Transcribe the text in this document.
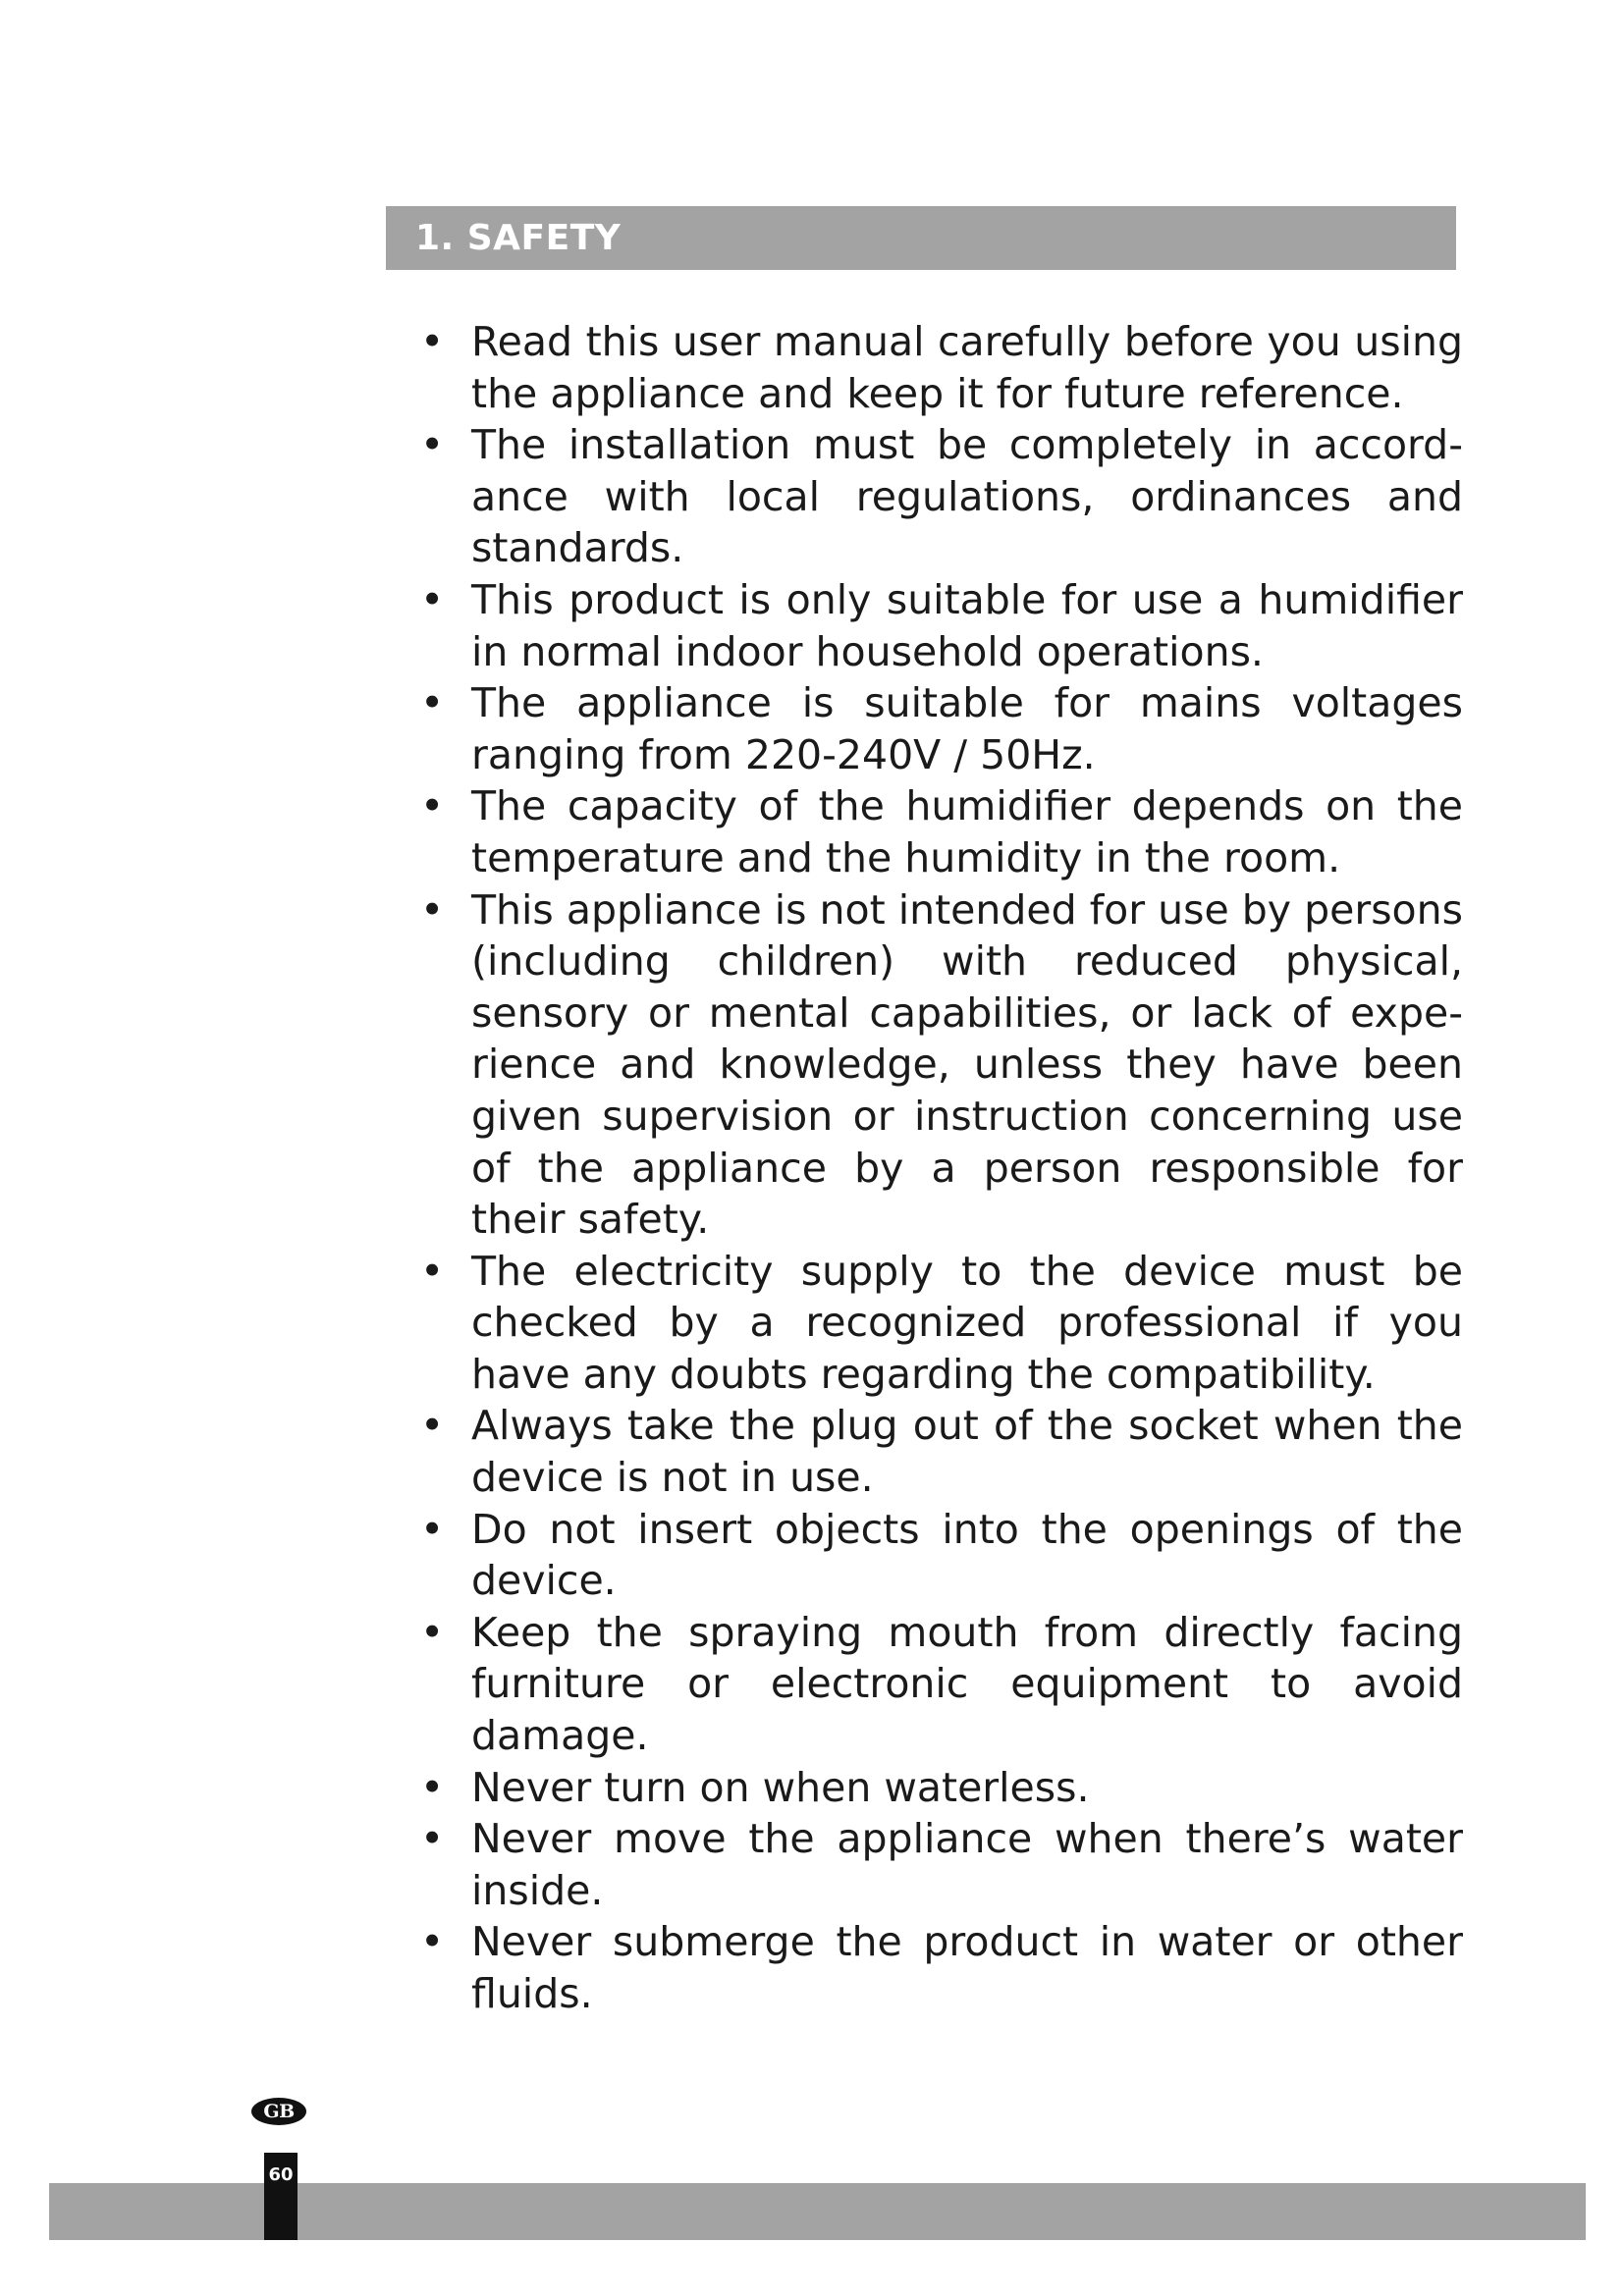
1. SAFETY
• Read this user manual carefully before you using the appliance and keep it for future reference.
• The installation must be completely in accordance with local regulations, ordinances and standards.
• This product is only suitable for use a humidifier in normal indoor household operations.
• The appliance is suitable for mains voltages ranging from 220-240V / 50Hz.
• The capacity of the humidifier depends on the temperature and the humidity in the room.
• This appliance is not intended for use by persons (including children) with reduced physical, sensory or mental capabilities, or lack of experience and knowledge, unless they have been given supervision or instruction concerning use of the appliance by a person responsible for their safety.
• The electricity supply to the device must be checked by a recognized professional if you have any doubts regarding the compatibility.
• Always take the plug out of the socket when the device is not in use.
• Do not insert objects into the openings of the device.
• Keep the spraying mouth from directly facing furniture or electronic equipment to avoid damage.
• Never turn on when waterless.
• Never move the appliance when there’s water inside.
• Never submerge the product in water or other fluids.
GB
60
